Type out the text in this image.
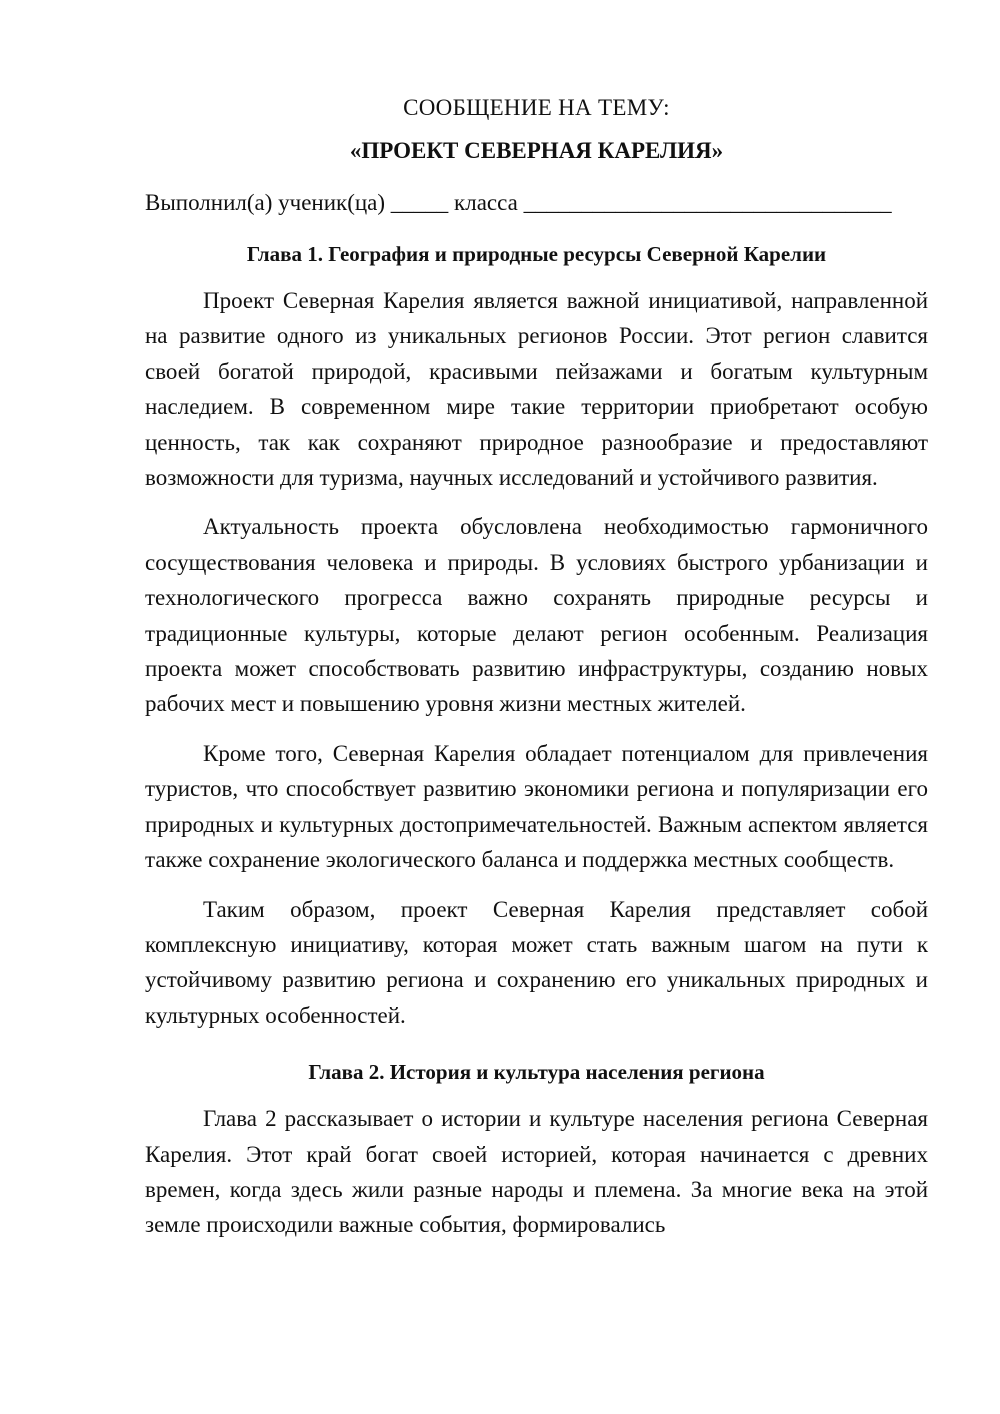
СООБЩЕНИЕ НА ТЕМУ:

«ПРОЕКТ СЕВЕРНАЯ КАРЕЛИЯ»

Выполнил(а) ученик(ца) _____ класса ________________________________

Глава 1. География и природные ресурсы Северной Карелии

Проект Северная Карелия является важной инициативой, направленной на развитие одного из уникальных регионов России. Этот регион славится своей богатой природой, красивыми пейзажами и богатым культурным наследием. В современном мире такие территории приобретают особую ценность, так как сохраняют природное разнообразие и предоставляют возможности для туризма, научных исследований и устойчивого развития.

Актуальность проекта обусловлена необходимостью гармоничного сосуществования человека и природы. В условиях быстрого урбанизации и технологического прогресса важно сохранять природные ресурсы и традиционные культуры, которые делают регион особенным. Реализация проекта может способствовать развитию инфраструктуры, созданию новых рабочих мест и повышению уровня жизни местных жителей.

Кроме того, Северная Карелия обладает потенциалом для привлечения туристов, что способствует развитию экономики региона и популяризации его природных и культурных достопримечательностей. Важным аспектом является также сохранение экологического баланса и поддержка местных сообществ.

Таким образом, проект Северная Карелия представляет собой комплексную инициативу, которая может стать важным шагом на пути к устойчивому развитию региона и сохранению его уникальных природных и культурных особенностей.

Глава 2. История и культура населения региона

Глава 2 рассказывает о истории и культуре населения региона Северная Карелия. Этот край богат своей историей, которая начинается с древних времен, когда здесь жили разные народы и племена. За многие века на этой земле происходили важные события, формировались
